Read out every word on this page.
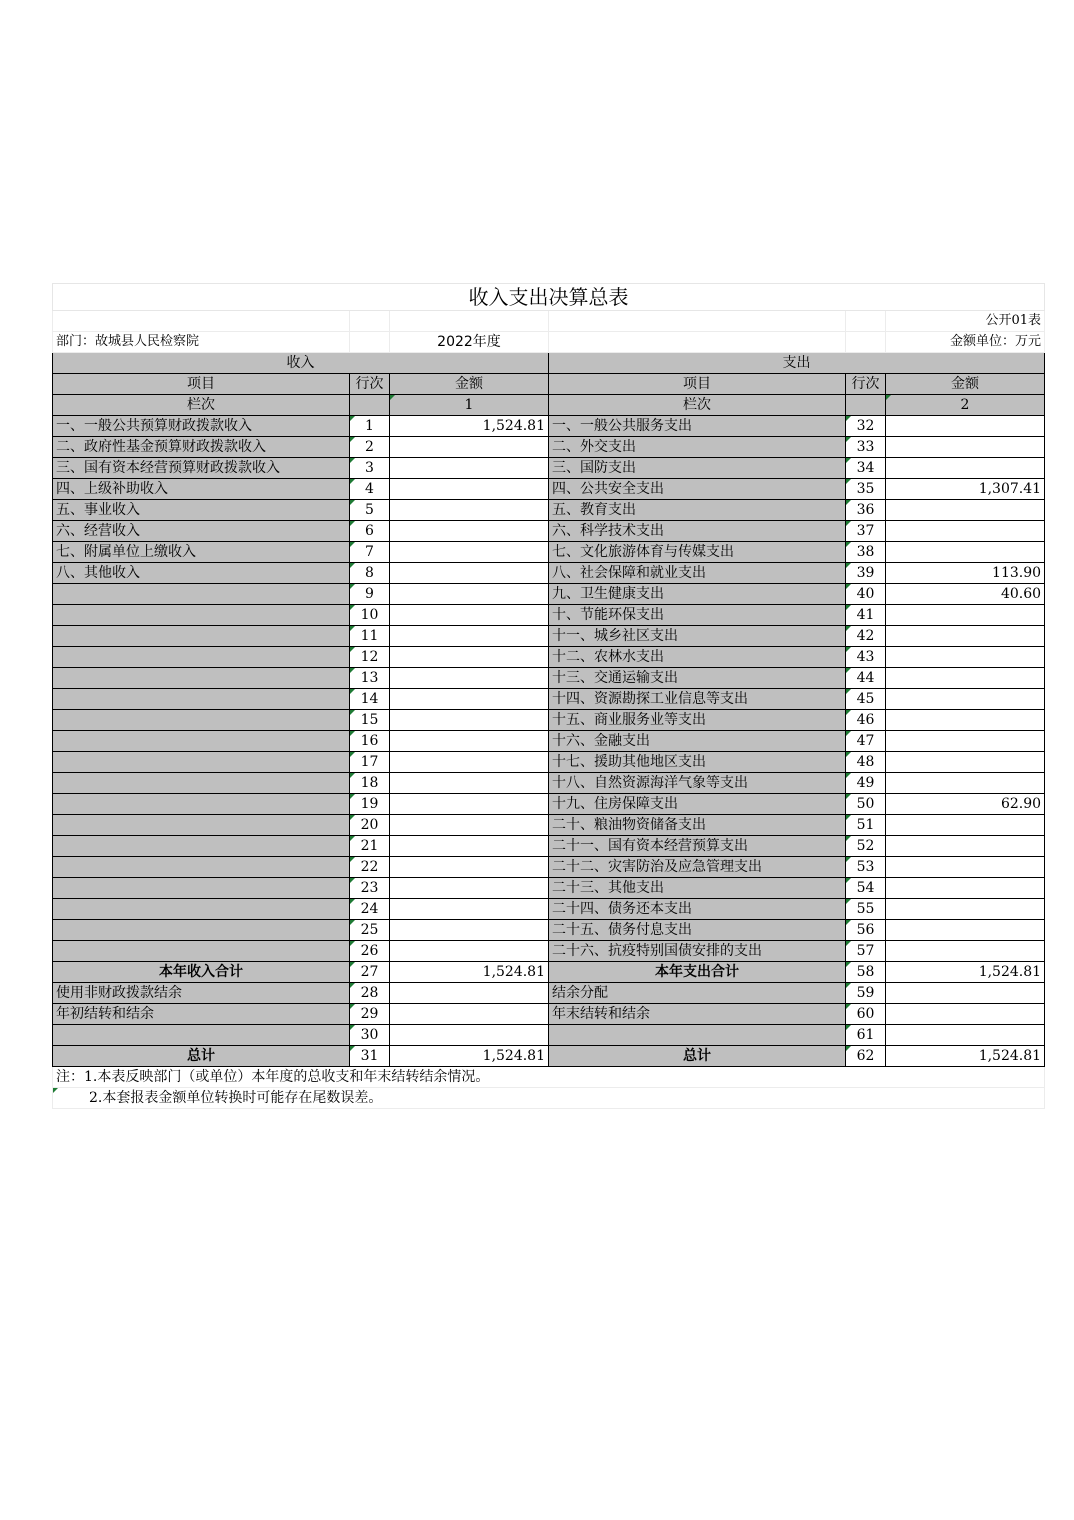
收入支出决算总表					
					公开01表
部门：故城县人民检察院		2022年度			金额单位：万元
收入			支出		
项目	行次	金额	项目	行次	金额
栏次		1	栏次		2
一、一般公共预算财政拨款收入	1	1,524.81	一、一般公共服务支出	32	
二、政府性基金预算财政拨款收入	2		二、外交支出	33	
三、国有资本经营预算财政拨款收入	3		三、国防支出	34	
四、上级补助收入	4		四、公共安全支出	35	1,307.41
五、事业收入	5		五、教育支出	36	
六、经营收入	6		六、科学技术支出	37	
七、附属单位上缴收入	7		七、文化旅游体育与传媒支出	38	
八、其他收入	8		八、社会保障和就业支出	39	113.90
	9		九、卫生健康支出	40	40.60
	10		十、节能环保支出	41	
	11		十一、城乡社区支出	42	
	12		十二、农林水支出	43	
	13		十三、交通运输支出	44	
	14		十四、资源勘探工业信息等支出	45	
	15		十五、商业服务业等支出	46	
	16		十六、金融支出	47	
	17		十七、援助其他地区支出	48	
	18		十八、自然资源海洋气象等支出	49	
	19		十九、住房保障支出	50	62.90
	20		二十、粮油物资储备支出	51	
	21		二十一、国有资本经营预算支出	52	
	22		二十二、灾害防治及应急管理支出	53	
	23		二十三、其他支出	54	
	24		二十四、债务还本支出	55	
	25		二十五、债务付息支出	56	
	26		二十六、抗疫特别国债安排的支出	57	
本年收入合计	27	1,524.81	本年支出合计	58	1,524.81
使用非财政拨款结余	28		结余分配	59	
年初结转和结余	29		年末结转和结余	60	
	30			61	
总计	31	1,524.81	总计	62	1,524.81
注：1.本表反映部门（或单位）本年度的总收支和年末结转结余情况。					
2.本套报表金额单位转换时可能存在尾数误差。					
